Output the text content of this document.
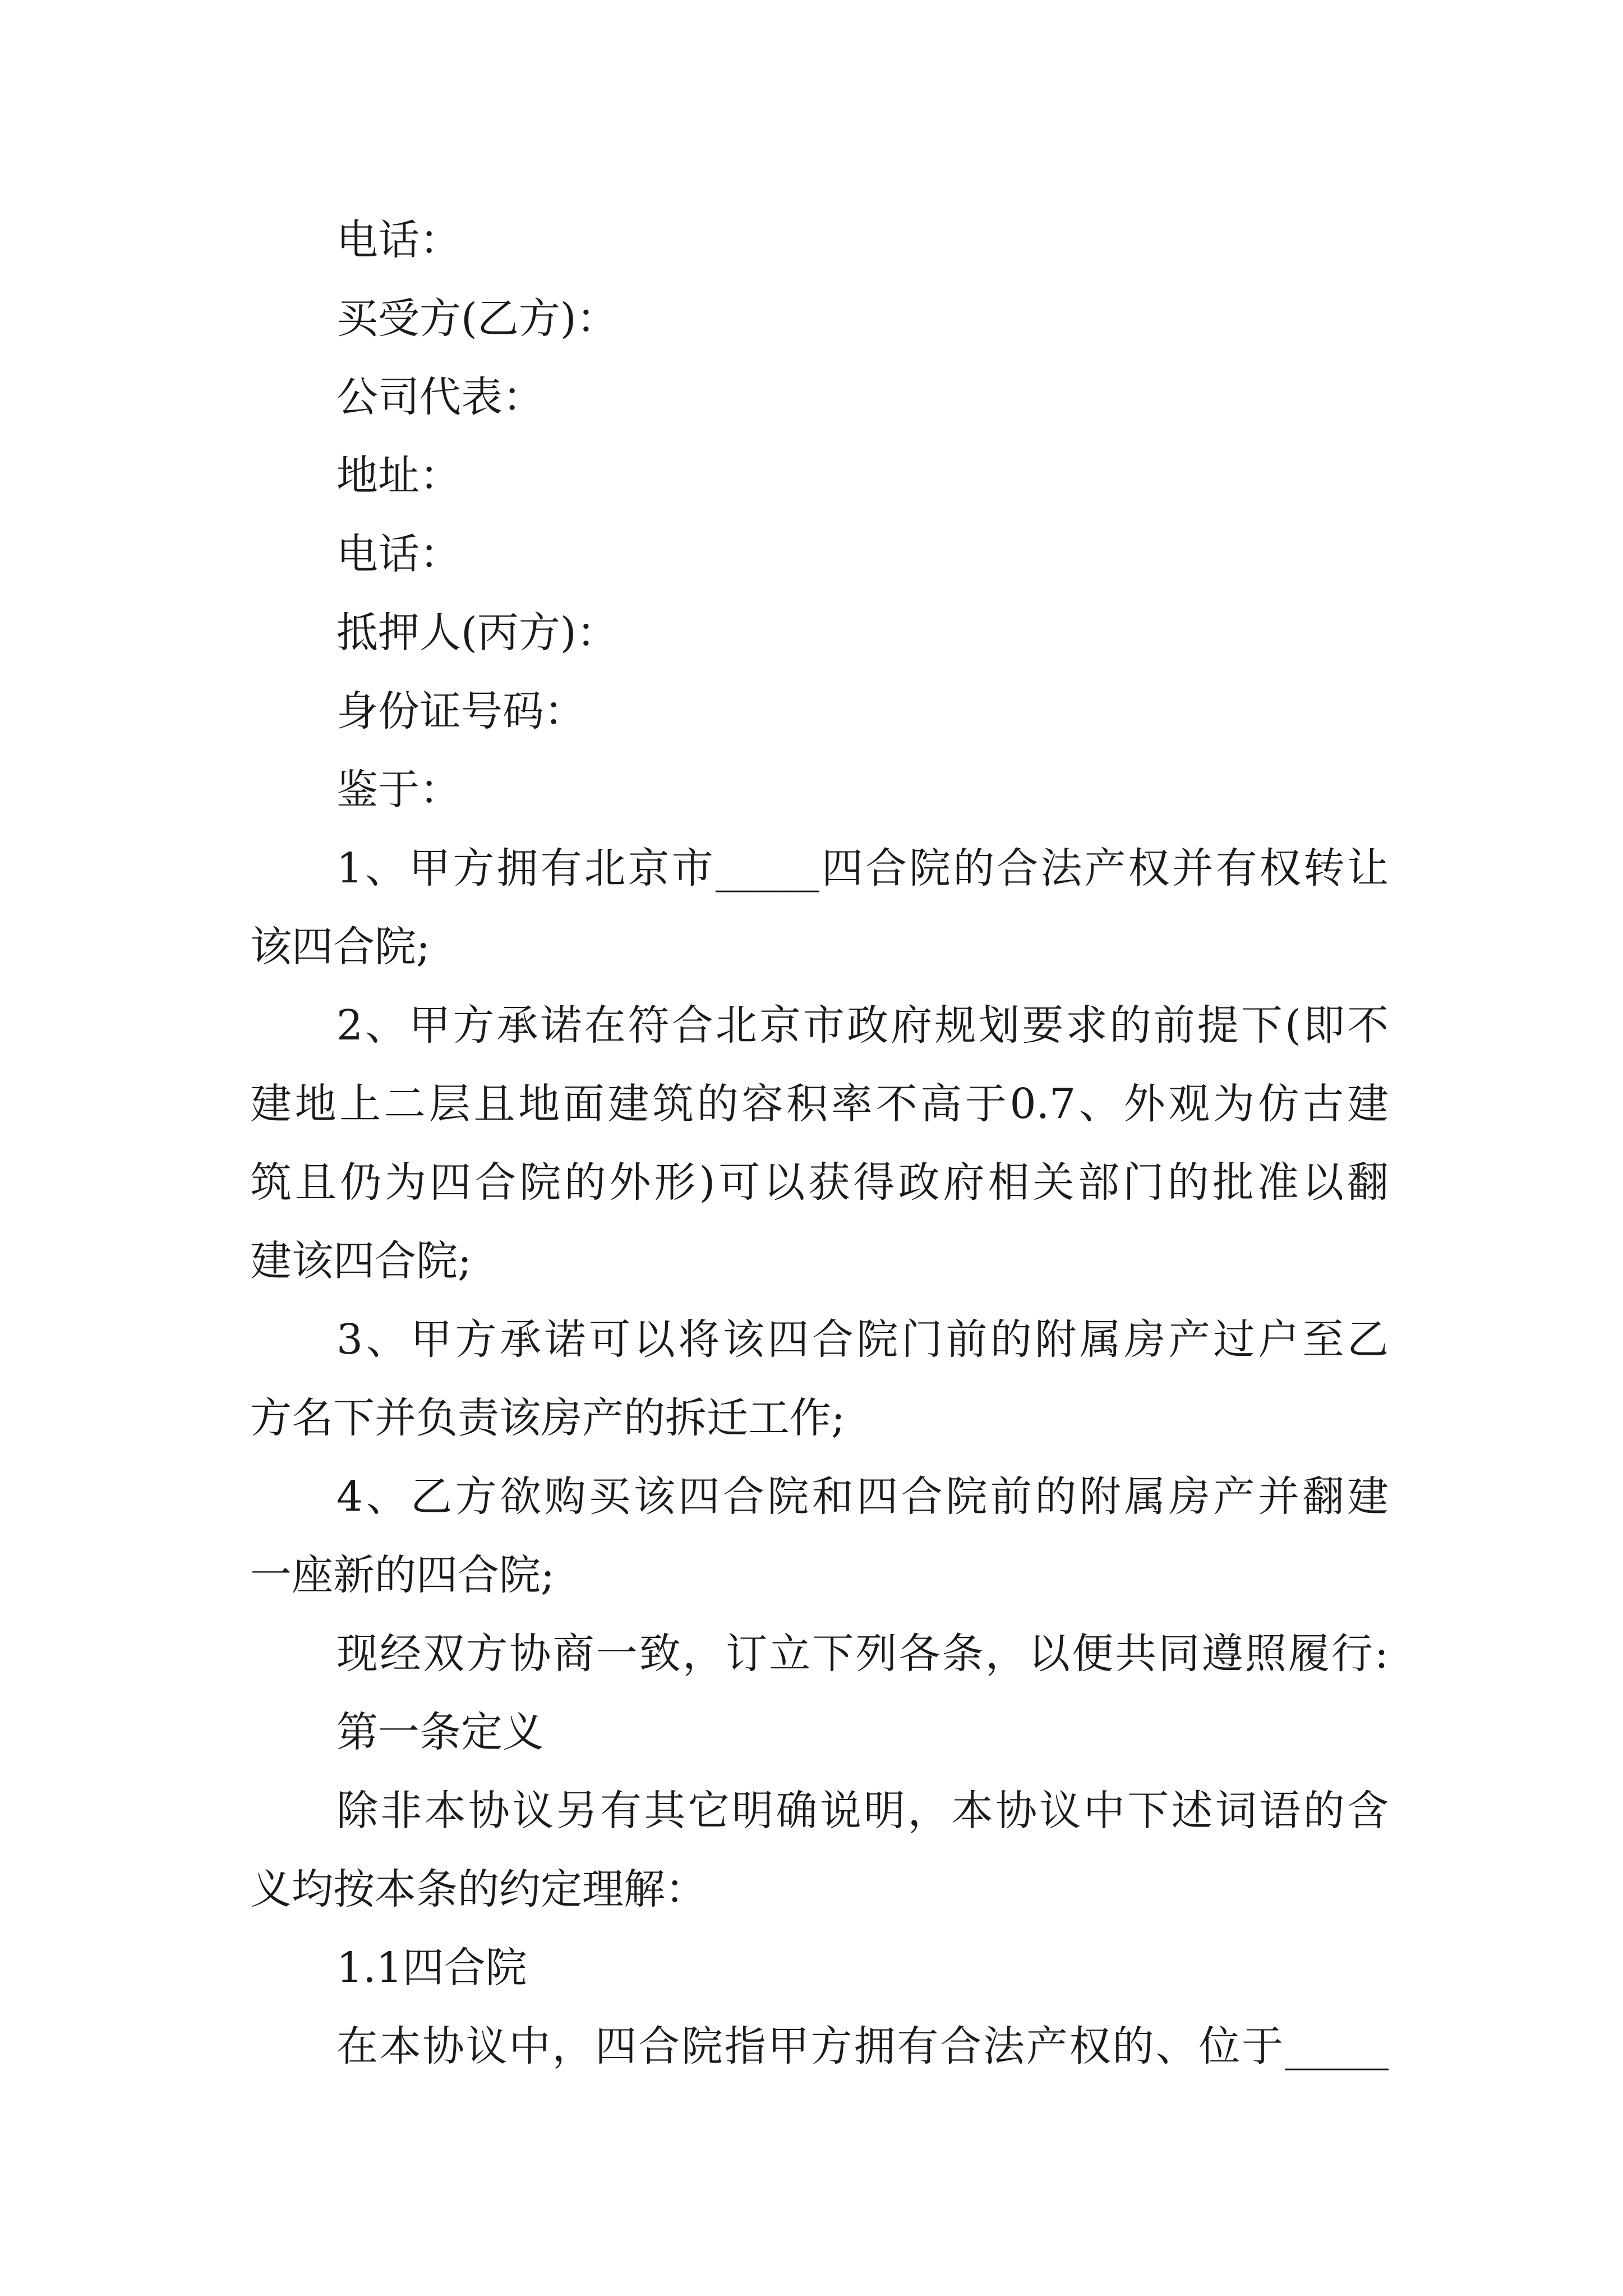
电话：
买受方(乙方)：
公司代表：
地址：
电话：
抵押人(丙方)：
身份证号码：
鉴于：
1、甲方拥有北京市_____四合院的合法产权并有权转让
该四合院;
2、甲方承诺在符合北京市政府规划要求的前提下(即不
建地上二层且地面建筑的容积率不高于0.7、外观为仿古建
筑且仍为四合院的外形)可以获得政府相关部门的批准以翻
建该四合院;
3、甲方承诺可以将该四合院门前的附属房产过户至乙
方名下并负责该房产的拆迁工作;
4、乙方欲购买该四合院和四合院前的附属房产并翻建
一座新的四合院;
现经双方协商一致，订立下列各条，以便共同遵照履行:
第一条定义
除非本协议另有其它明确说明，本协议中下述词语的含
义均按本条的约定理解：
1.1四合院
在本协议中，四合院指甲方拥有合法产权的、位于_____
